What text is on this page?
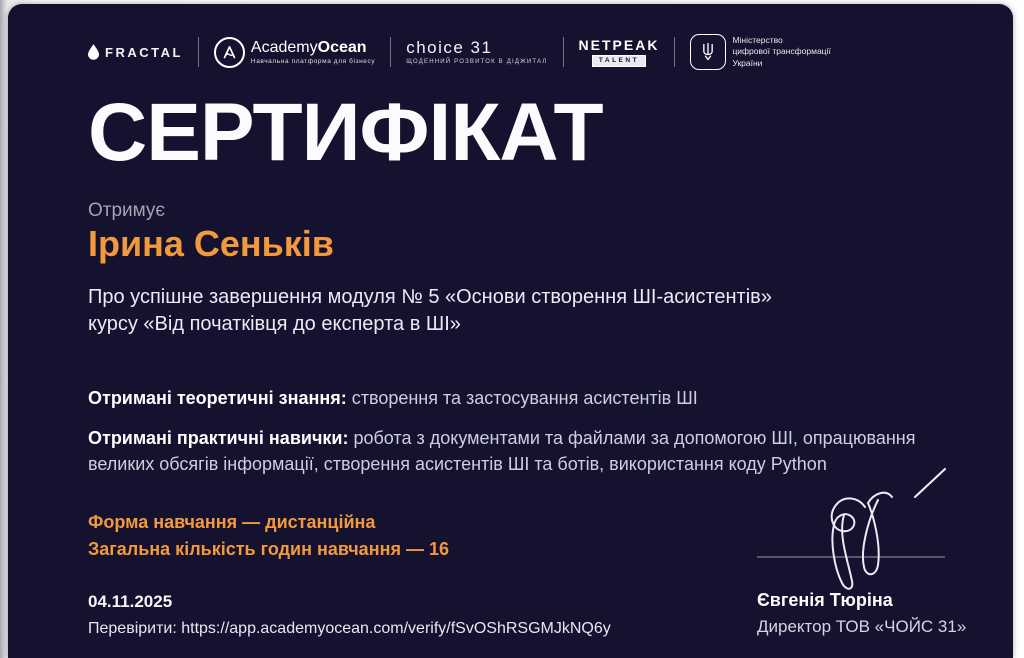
FRACTAL	AcademyOcean
Навчальна платформа для бізнесу
choice 31
ЩОДЕННИЙ РОЗВИТОК В ДІДЖИТАЛ
NETPEAK
TALENT
Міністерство
цифрової трансформації
України
СЕРТИФІКАТ
Отримує
Ірина Сеньків
Про успішне завершення модуля № 5 «Основи створення ШІ-асистентів»
курсу «Від початківця до експерта в ШІ»
Отримані теоретичні знання: створення та застосування асистентів ШІ
Отримані практичні навички: робота з документами та файлами за допомогою ШІ, опрацювання великих обсягів інформації, створення асистентів ШІ та ботів, використання коду Python
Форма навчання — дистанційна
Загальна кількість годин навчання — 16
04.11.2025
Перевірити: https://app.academyocean.com/verify/fSvOShRSGMJkNQ6y
Євгенія Тюріна
Директор ТОВ «ЧОЙС 31»
